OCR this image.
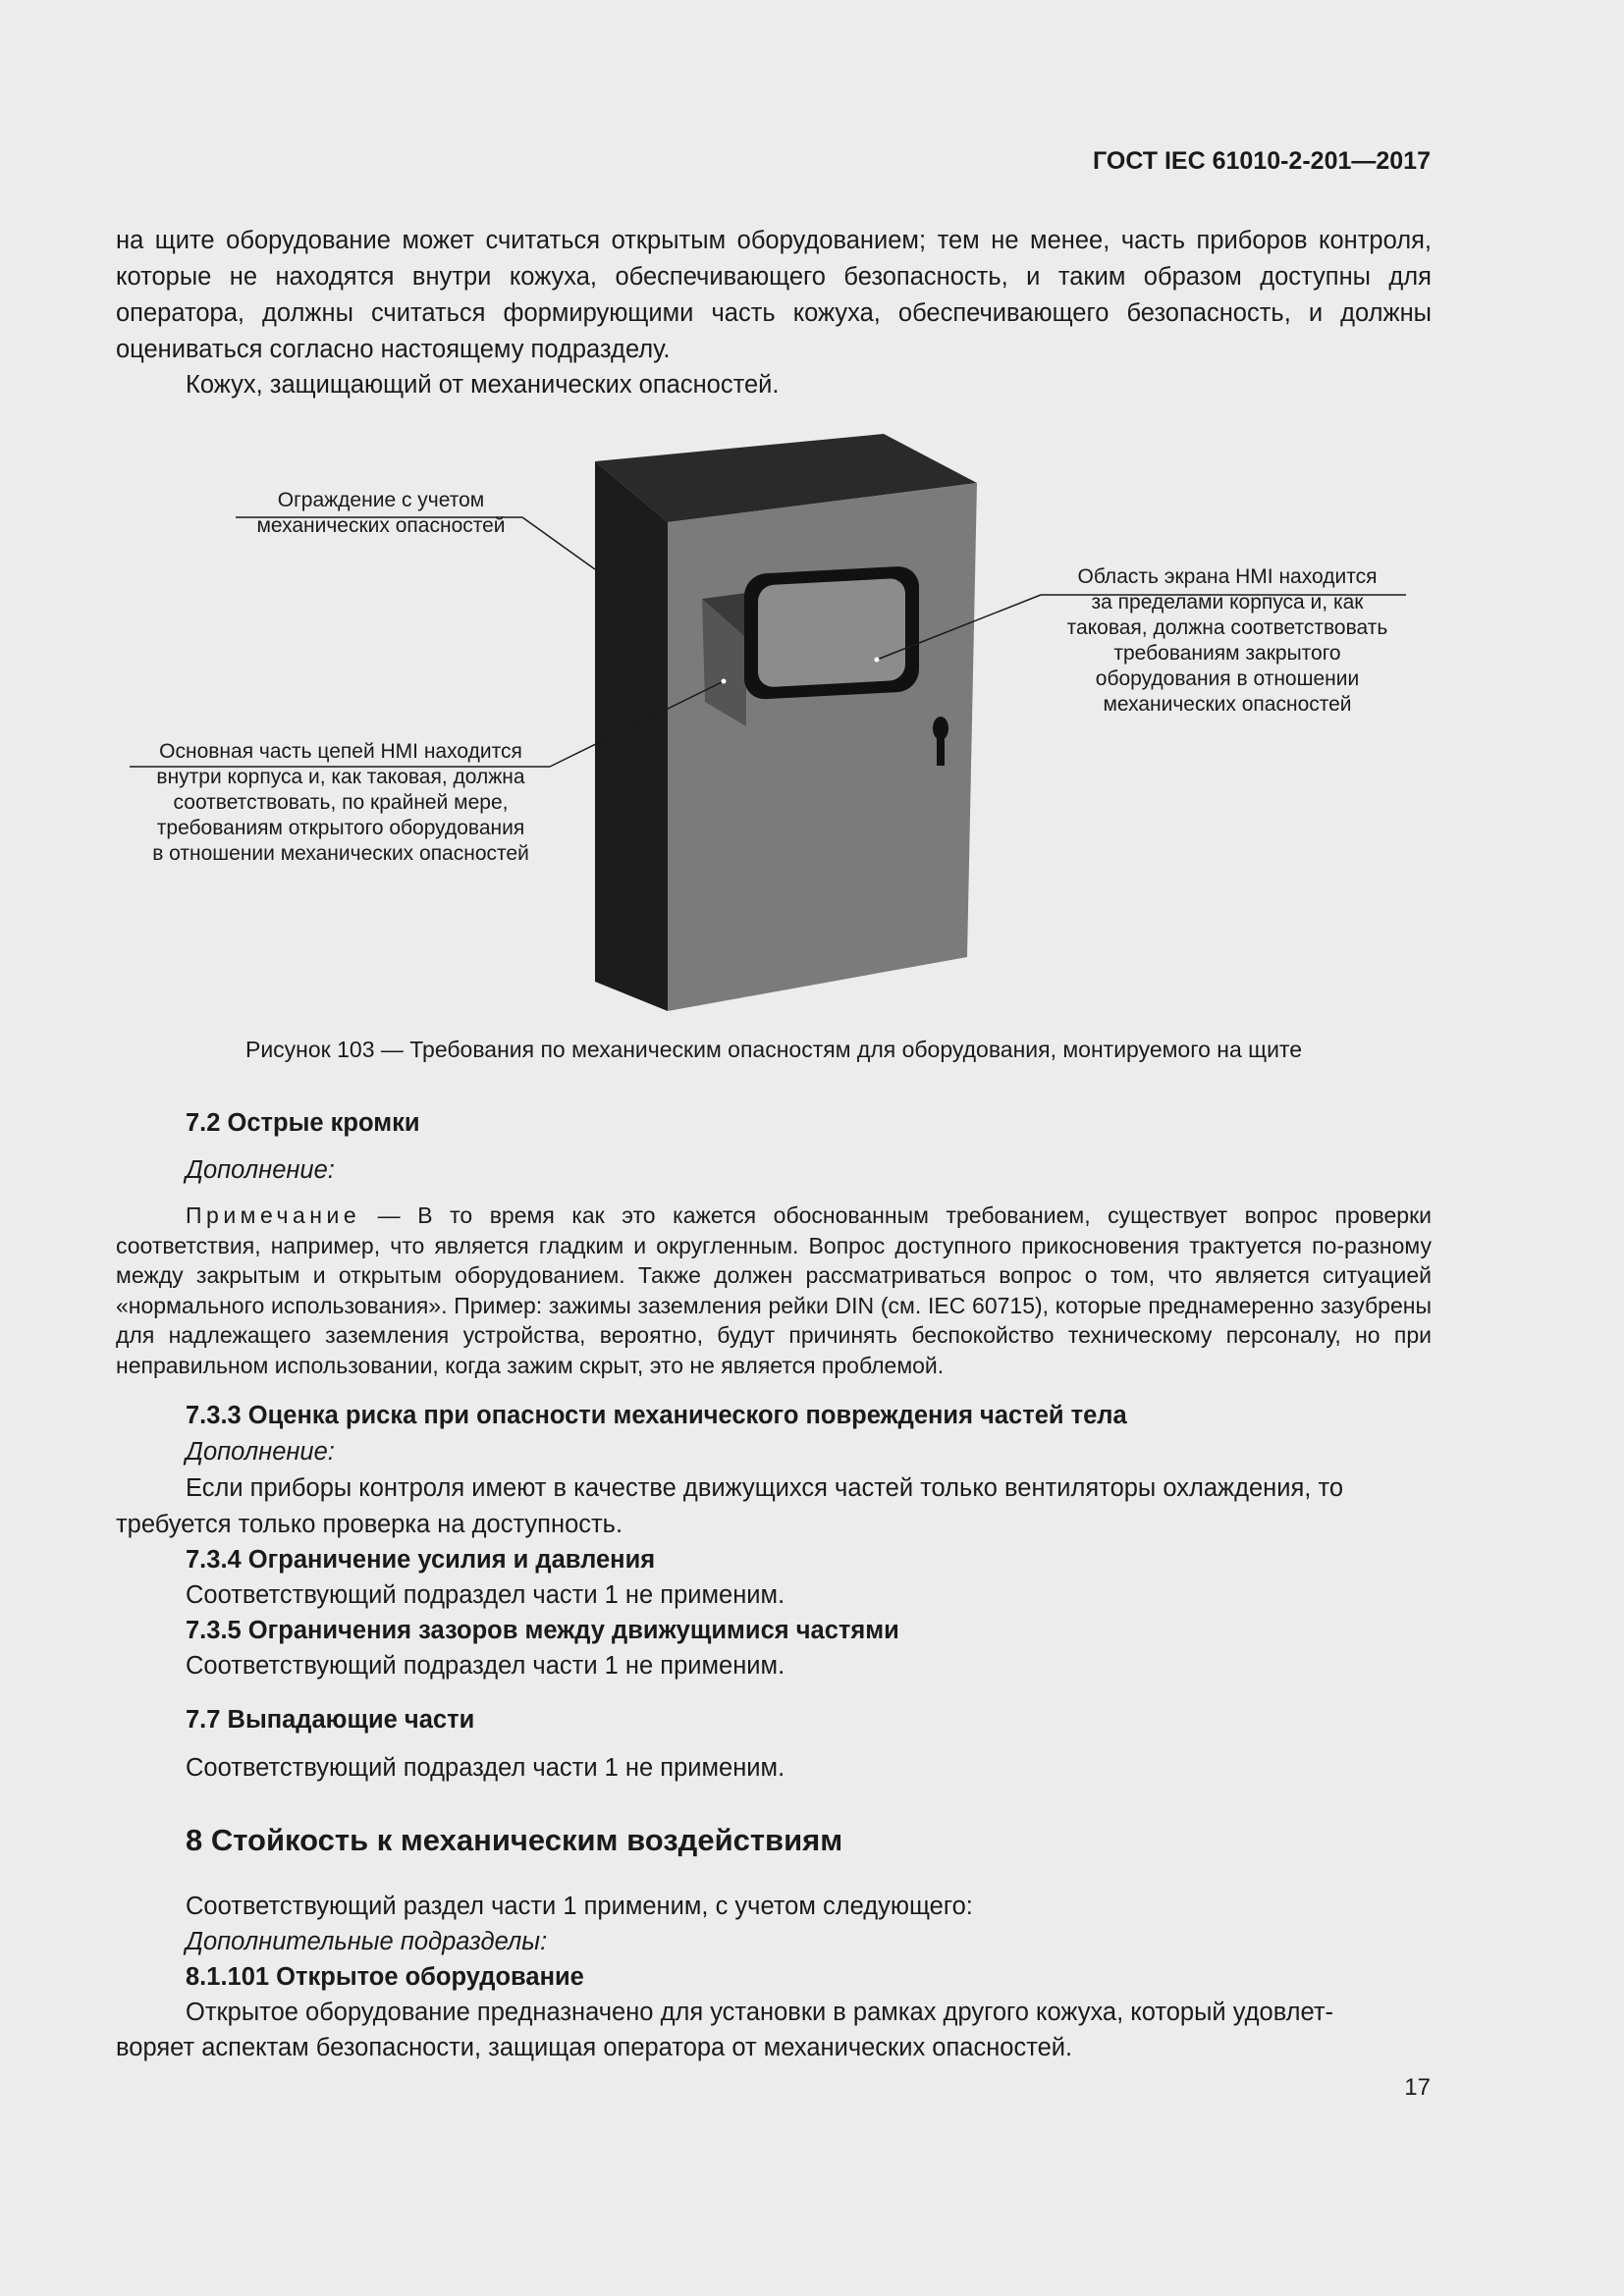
ГОСТ IEC 61010-2-201—2017
на щите оборудование может считаться открытым оборудованием; тем не менее, часть приборов контроля, которые не находятся внутри кожуха, обеспечивающего безопасность, и таким образом доступны для оператора, должны считаться формирующими часть кожуха, обеспечивающего безопасность, и должны оцениваться согласно настоящему подразделу.
Кожух, защищающий от механических опасностей.
Ограждение с учетом
механических опасностей
Область экрана HMI находится
за пределами корпуса и, как
таковая, должна соответствовать
требованиям закрытого
оборудования в отношении
механических опасностей
Основная часть цепей HMI находится
внутри корпуса и, как таковая, должна
соответствовать, по крайней мере,
требованиям открытого оборудования
в отношении механических опасностей
Рисунок 103 — Требования по механическим опасностям для оборудования, монтируемого на щите
7.2 Острые кромки
Дополнение:
Примечание — В то время как это кажется обоснованным требованием, существует вопрос проверки соответствия, например, что является гладким и округленным. Вопрос доступного прикосновения трактуется по-разному между закрытым и открытым оборудованием. Также должен рассматриваться вопрос о том, что является ситуацией «нормального использования». Пример: зажимы заземления рейки DIN (см. IEC 60715), которые преднамеренно зазубрены для надлежащего заземления устройства, вероятно, будут причинять беспокойство техническому персоналу, но при неправильном использовании, когда зажим скрыт, это не является проблемой.
7.3.3 Оценка риска при опасности механического повреждения частей тела
Дополнение:
Если приборы контроля имеют в качестве движущихся частей только вентиляторы охлаждения, то
требуется только проверка на доступность.
7.3.4 Ограничение усилия и давления
Соответствующий подраздел части 1 не применим.
7.3.5 Ограничения зазоров между движущимися частями
Соответствующий подраздел части 1 не применим.
7.7 Выпадающие части
Соответствующий подраздел части 1 не применим.
8 Стойкость к механическим воздействиям
Соответствующий раздел части 1 применим, с учетом следующего:
Дополнительные подразделы:
8.1.101 Открытое оборудование
Открытое оборудование предназначено для установки в рамках другого кожуха, который удовлет-
воряет аспектам безопасности, защищая оператора от механических опасностей.
17
